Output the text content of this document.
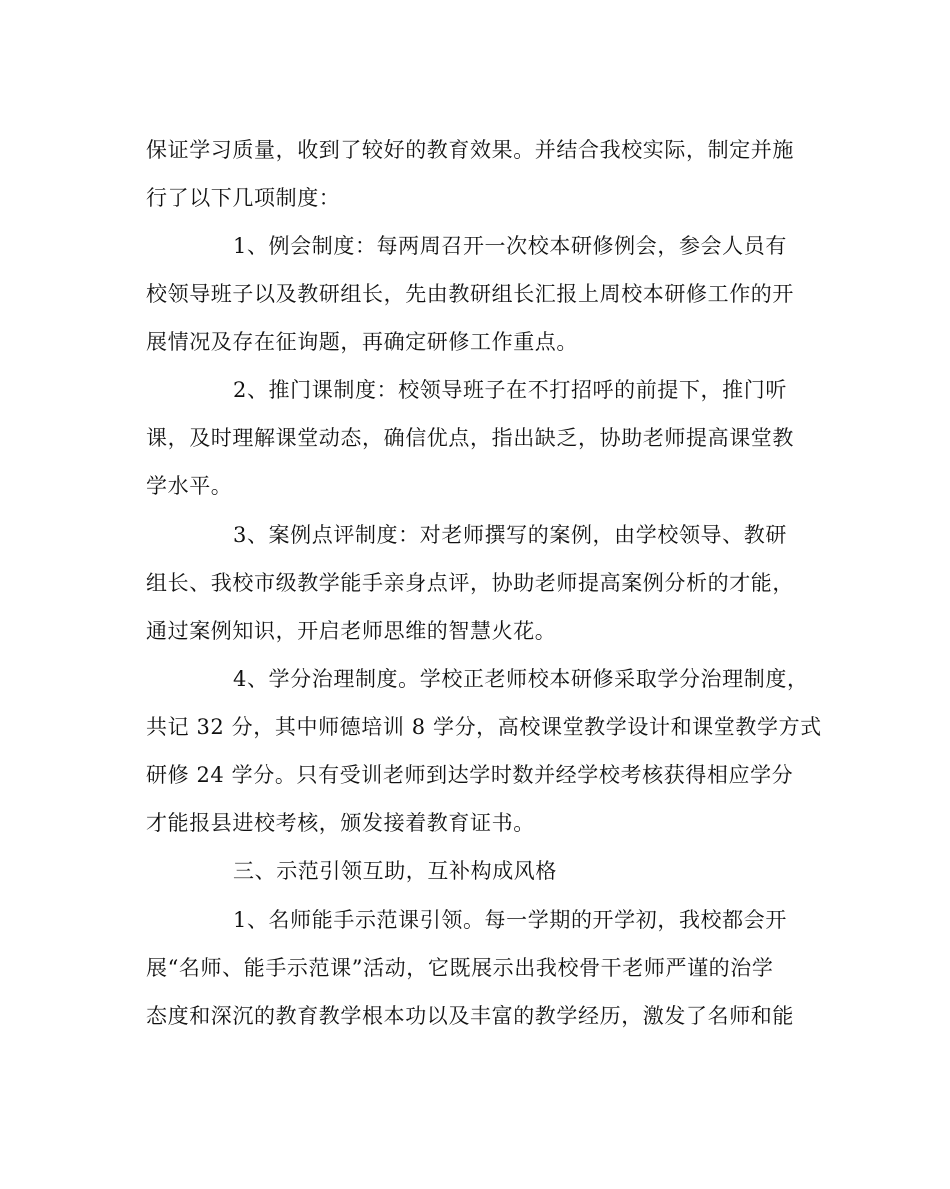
保证学习质量，收到了较好的教育效果。并结合我校实际，制定并施
行了以下几项制度：
1、例会制度：每两周召开一次校本研修例会，参会人员有
校领导班子以及教研组长，先由教研组长汇报上周校本研修工作的开
展情况及存在征询题，再确定研修工作重点。
2、推门课制度：校领导班子在不打招呼的前提下，推门听
课，及时理解课堂动态，确信优点，指出缺乏，协助老师提高课堂教
学水平。
3、案例点评制度：对老师撰写的案例，由学校领导、教研
组长、我校市级教学能手亲身点评，协助老师提高案例分析的才能，
通过案例知识，开启老师思维的智慧火花。
4、学分治理制度。学校正老师校本研修采取学分治理制度，
共记 32 分，其中师德培训 8 学分，高校课堂教学设计和课堂教学方式
研修 24 学分。只有受训老师到达学时数并经学校考核获得相应学分
才能报县进校考核，颁发接着教育证书。
三、示范引领互助，互补构成风格
1、名师能手示范课引领。每一学期的开学初，我校都会开
展“名师、能手示范课”活动，它既展示出我校骨干老师严谨的治学
态度和深沉的教育教学根本功以及丰富的教学经历，激发了名师和能
